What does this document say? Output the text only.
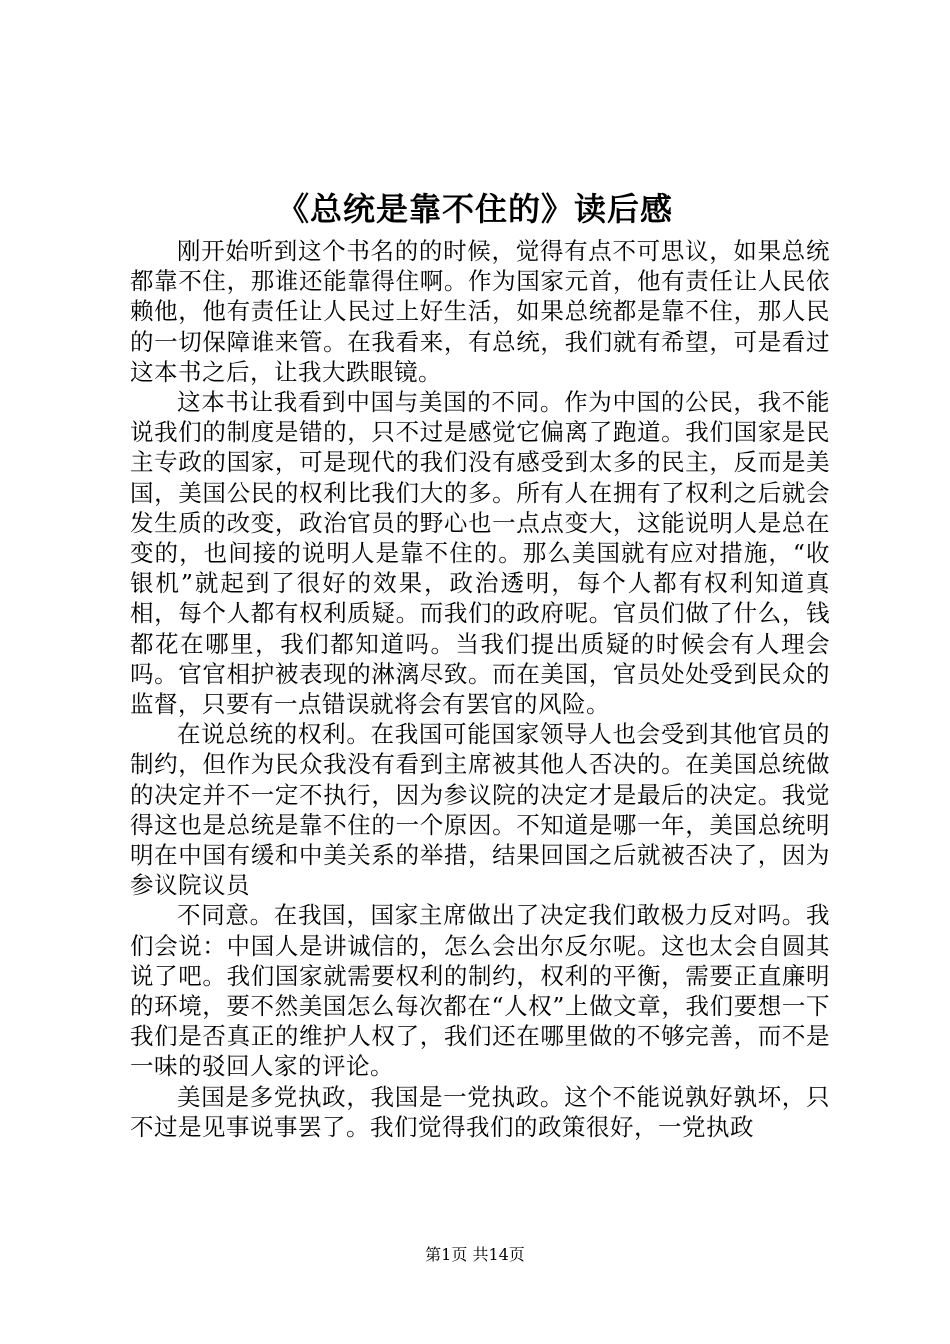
《总统是靠不住的》读后感

刚开始听到这个书名的的时候，觉得有点不可思议，如果总统都靠不住，那谁还能靠得住啊。作为国家元首，他有责任让人民依赖他，他有责任让人民过上好生活，如果总统都是靠不住，那人民的一切保障谁来管。在我看来，有总统，我们就有希望，可是看过这本书之后，让我大跌眼镜。

这本书让我看到中国与美国的不同。作为中国的公民，我不能说我们的制度是错的，只不过是感觉它偏离了跑道。我们国家是民主专政的国家，可是现代的我们没有感受到太多的民主，反而是美国，美国公民的权利比我们大的多。所有人在拥有了权利之后就会发生质的改变，政治官员的野心也一点点变大，这能说明人是总在变的，也间接的说明人是靠不住的。那么美国就有应对措施，“收银机”就起到了很好的效果，政治透明，每个人都有权利知道真相，每个人都有权利质疑。而我们的政府呢。官员们做了什么，钱都花在哪里，我们都知道吗。当我们提出质疑的时候会有人理会吗。官官相护被表现的淋漓尽致。而在美国，官员处处受到民众的监督，只要有一点错误就将会有罢官的风险。

在说总统的权利。在我国可能国家领导人也会受到其他官员的制约，但作为民众我没有看到主席被其他人否决的。在美国总统做的决定并不一定不执行，因为参议院的决定才是最后的决定。我觉得这也是总统是靠不住的一个原因。不知道是哪一年，美国总统明明在中国有缓和中美关系的举措，结果回国之后就被否决了，因为参议院议员

不同意。在我国，国家主席做出了决定我们敢极力反对吗。我们会说：中国人是讲诚信的，怎么会出尔反尔呢。这也太会自圆其说了吧。我们国家就需要权利的制约，权利的平衡，需要正直廉明的环境，要不然美国怎么每次都在“人权”上做文章，我们要想一下我们是否真正的维护人权了，我们还在哪里做的不够完善，而不是一味的驳回人家的评论。

美国是多党执政，我国是一党执政。这个不能说孰好孰坏，只不过是见事说事罢了。我们觉得我们的政策很好，一党执政

第1页 共14页
